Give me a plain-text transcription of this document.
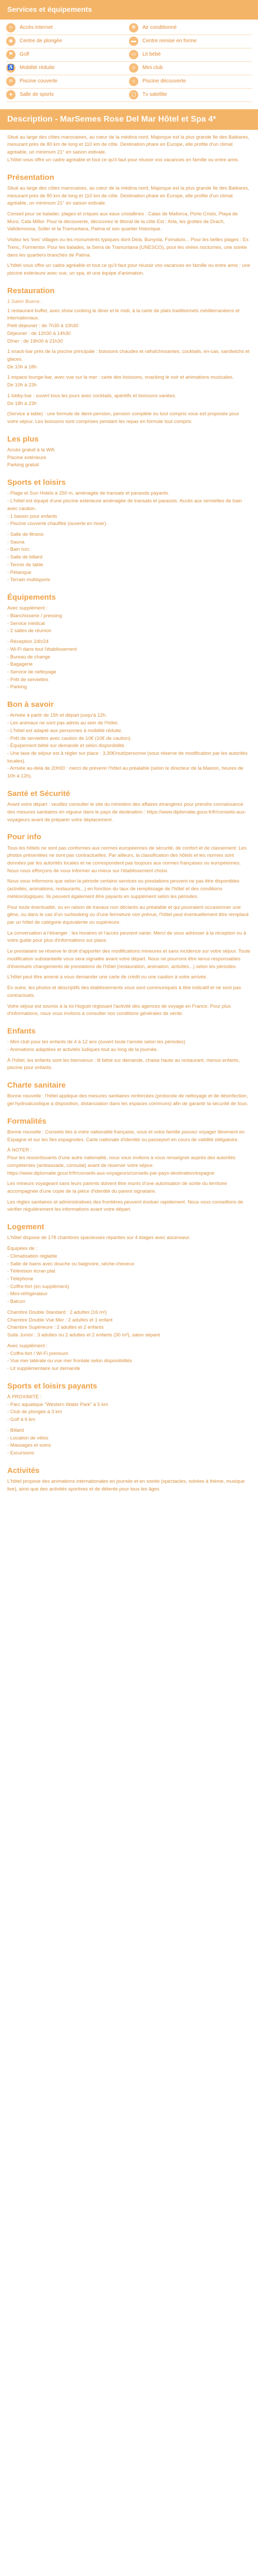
Services et équipements
≈	Accès Internet	✻	Air conditionné
◉	Centre de plongée	▬	Centre remise en forme
⚑	Golf	▭	Lit bébé
♿ Mobilité réduite	☺	Mini club
≋	Piscine couverte	☼	Piscine découverte
●	Salle de sports	▢	Tv satellite
Description - MarSemes Rose Del Mar Hôtel et Spa 4*

Situé au large des côtes marocaines, au cœur de la médina nord, Majorque est la plus grande île des Baléares, mesurant près de 80 km de long et 110 km de côte. Destination phare en Europe, elle profite d'un climat agréable, un minimum 21° en saison estivale.
L'hôtel vous offre un cadre agréable et tout ce qu'il faut pour réussir vos vacances en famille ou entre amis.

Présentation

Situé au large des côtes marocaines, au cœur de la médina nord, Majorque est la plus grande île des Baléares, mesurant près de 80 km de long et 110 km de côte. Destination phare en Europe, elle profite d'un climat agréable, un minimum 21° en saison estivale.

Conseil pour se balader, plages et criques aux eaux cristallines : Calas de Mallorca, Porto Cristo, Playa de Muro, Cala Millor. Pour la découverte, découvrez le littoral de la côte Est : Arta, les grottes de Drach, Valldemossa, Soller et la Tramuntana, Palma et son quartier historique.

Visitez les 'tres' villages ou les monuments typiques dont Deià, Bunyola, Fornalutx... Pour les belles plages : Es Trenc, Formentor. Pour les balades, la Serra de Tramuntana (UNESCO), pour les virées nocturnes, une soirée dans les quartiers branchés de Palma.

L'hôtel vous offre un cadre agréable et tout ce qu'il faut pour réussir vos vacances en famille ou entre amis : une piscine extérieure avec vue, un spa, et une équipe d'animation.

Restauration
1 Salon Buena :

1 restaurant buffet, avec show cooking le diner et le midi, à la carte de plats traditionnels méditerranéens et internationaux.
Petit déjeuner : de 7h30 à 10h30
Déjeuner : de 12h30 à 14h30
Dîner : de 19h00 à 21h30

1 snack-bar près de la piscine principale : boissons chaudes et rafraîchissantes, cocktails, en-cas, sandwichs et glaces.
De 10h à 18h

1 espace lounge-bar, avec vue sur la mer : carte des boissons, snacking le soir et animations musicales.
De 10h à 23h

1 lobby-bar : ouvert tous les jours avec cocktails, apéritifs et boissons variées.
De 18h à 23h

(Service à table) : une formule de demi-pension, pension complète ou tout compris vous est proposée pour votre séjour. Les boissons sont comprises pendant les repas en formule tout compris.

Les plus
Accès gratuit à la Wifi
Piscine extérieure
Parking gratuit
Sports et loisirs

- Plage et Sun Hotels à 250 m, aménagée de transats et parasols payants.
- L'hôtel est équipé d'une piscine extérieure aménagée de transats et parasols. Accès aux serviettes de bain avec caution.
- 1 bassin pour enfants
- Piscine couverte chauffée (ouverte en hiver).

- Salle de fitness
- Sauna
- Bain turc
- Salle de billard
- Tennis de table
- Pétanque
- Terrain multisports
Équipements

Avec supplément :
- Blanchisserie / pressing
- Service médical
- 2 salles de réunion

- Réception 24h/24
- Wi-Fi dans tout l'établissement
- Bureau de change
- Bagagerie
- Service de nettoyage
- Prêt de serviettes
- Parking
Bon à savoir

- Arrivée à partir de 15h et départ jusqu'à 12h.
- Les animaux ne sont pas admis au sein de l'hôtel.
- L'hôtel est adapté aux personnes à mobilité réduite.
- Prêt de serviettes avec caution de 10€ (10€ de caution).
- Équipement bébé sur demande et selon disponibilité.
- Une taxe de séjour est à régler sur place : 3,30€/nuit/personne (sous réserve de modification par les autorités locales).
- Arrivée au-delà de 20h00 : merci de prévenir l'hôtel au préalable (selon le directeur de la Maison, heures de 10h à 12h).

Santé et Sécurité

Avant votre départ : veuillez consulter le site du ministère des affaires étrangères pour prendre connaissance des mesures sanitaires en vigueur dans le pays de destination : https://www.diplomatie.gouv.fr/fr/conseils-aux-voyageurs avant de préparer votre déplacement.

Pour info

Tous les hôtels ne sont pas conformes aux normes européennes de sécurité, de confort et de classement. Les photos présentées ne sont pas contractuelles. Par ailleurs, la classification des hôtels et les normes sont données par les autorités locales et ne correspondent pas toujours aux normes françaises ou européennes. Nous nous efforçons de vous informer au mieux sur l'établissement choisi.

Nous vous informons que selon la période certains services ou prestations peuvent ne pas être disponibles (activités, animations, restaurants...) en fonction du taux de remplissage de l'hôtel et des conditions météorologiques. Ils peuvent également être payants en supplément selon les périodes.

Pour toute éventualité, ou en raison de travaux non déclarés au préalable et qui pourraient occasionner une gêne, ou dans le cas d'un surbooking ou d'une fermeture non prévue, l'hôtel peut éventuellement être remplacé par un hôtel de catégorie équivalente ou supérieure.

La conversation à l'étranger : les horaires et l'accès peuvent varier. Merci de vous adresser à la réception ou à votre guide pour plus d'informations sur place.

Le prestataire se réserve le droit d'apporter des modifications mineures et sans incidence sur votre séjour. Toute modification substantielle vous sera signalée avant votre départ. Nous ne pourrons être tenus responsables d'éventuels changements de prestations de l'hôtel (restauration, animation, activités...) selon les périodes.

L'hôtel peut être amené à vous demander une carte de crédit ou une caution à votre arrivée.

En outre, les photos et descriptifs des établissements vous sont communiqués à titre indicatif et ne sont pas contractuels.

Votre séjour est soumis à la loi Hoguet régissant l'activité des agences de voyage en France. Pour plus d'informations, nous vous invitons à consulter nos conditions générales de vente.

Enfants

- Mini club pour les enfants de 4 à 12 ans (ouvert toute l'année selon les périodes)
- Animations adaptées et activités ludiques tout au long de la journée.

À l'hôtel, les enfants sont les bienvenus : lit bébé sur demande, chaise haute au restaurant, menus enfants, piscine pour enfants.

Charte sanitaire

Bonne nouvelle : l'hôtel applique des mesures sanitaires renforcées (protocole de nettoyage et de désinfection, gel hydroalcoolique à disposition, distanciation dans les espaces communs) afin de garantir la sécurité de tous.

Formalités

Bonne nouvelle : Conseils liés à votre nationalité française, vous et votre famille pouvez voyager librement en Espagne et sur les îles espagnoles. Carte nationale d'identité ou passeport en cours de validité obligatoire.

À NOTER :
Pour les ressortissants d'une autre nationalité, nous vous invitons à vous renseigner auprès des autorités compétentes (ambassade, consulat) avant de réserver votre séjour.
https://www.diplomatie.gouv.fr/fr/conseils-aux-voyageurs/conseils-par-pays-destination/espagne

Les mineurs voyageant sans leurs parents doivent être munis d'une autorisation de sortie du territoire accompagnée d'une copie de la pièce d'identité du parent signataire.

Les règles sanitaires et administratives des frontières peuvent évoluer rapidement. Nous vous conseillons de vérifier régulièrement les informations avant votre départ.

Logement

L'hôtel dispose de 178 chambres spacieuses réparties sur 4 étages avec ascenseur.

Équipées de :
- Climatisation réglable
- Salle de bains avec douche ou baignoire, sèche-cheveux
- Télévision écran plat
- Téléphone
- Coffre-fort (en supplément)
- Mini-réfrigérateur
- Balcon

Chambre Double Standard : 2 adultes (16 m²)
Chambre Double Vue Mer : 2 adultes et 1 enfant
Chambre Supérieure : 2 adultes et 2 enfants
Suite Junior : 3 adultes ou 2 adultes et 2 enfants (30 m²), salon séparé

Avec supplément :
- Coffre-fort / Wi-Fi premium
- Vue mer latérale ou vue mer frontale selon disponibilités
- Lit supplémentaire sur demande

Sports et loisirs payants

À PROXIMITÉ :
- Parc aquatique "Western Water Park" à 5 km
- Club de plongée à 3 km
- Golf à 6 km

- Billard
- Location de vélos
- Massages et soins
- Excursions
Activités

L'hôtel propose des animations internationales en journée et en soirée (spectacles, soirées à thème, musique live), ainsi que des activités sportives et de détente pour tous les âges.
